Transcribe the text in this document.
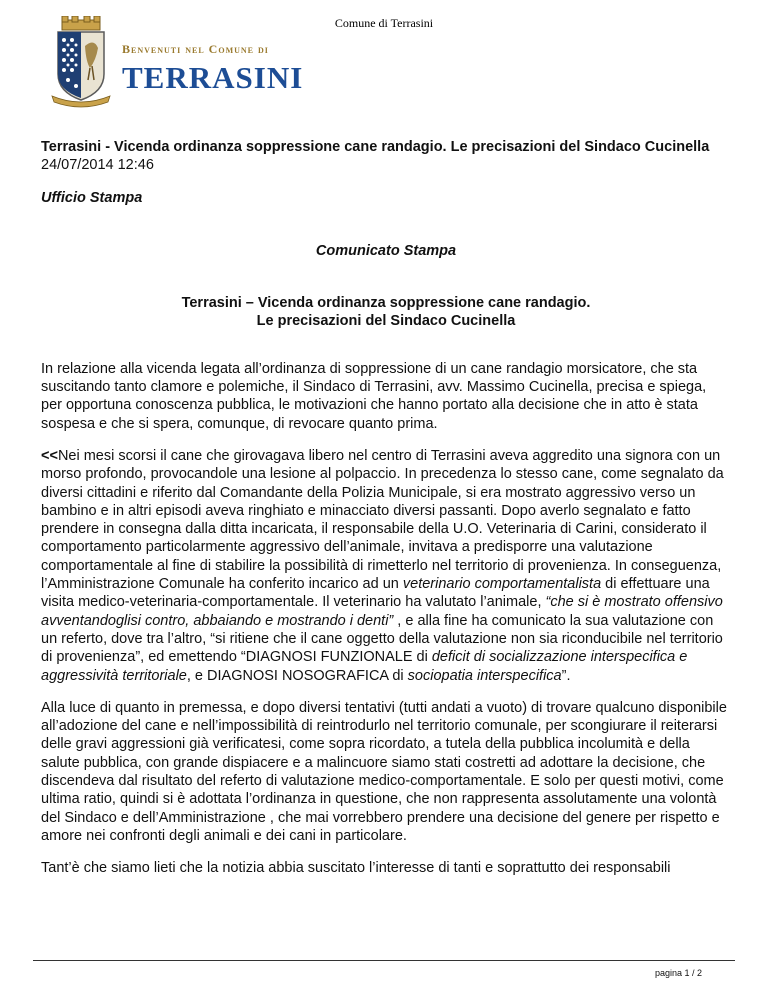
Comune di Terrasini
Benvenuti nel Comune di
TERRASINI

Terrasini - Vicenda ordinanza soppressione cane randagio. Le precisazioni del Sindaco Cucinella

24/07/2014 12:46

Ufficio Stampa

Comunicato Stampa

Terrasini – Vicenda ordinanza soppressione cane randagio.
Le precisazioni del Sindaco Cucinella

In relazione alla vicenda legata all’ordinanza di soppressione di un cane randagio morsicatore, che sta suscitando tanto clamore e polemiche, il Sindaco di Terrasini, avv. Massimo Cucinella, precisa e spiega, per opportuna conoscenza pubblica, le motivazioni che hanno portato alla decisione che in atto è stata sospesa e che si spera, comunque, di revocare quanto prima.

<<Nei mesi scorsi il cane che girovagava libero nel centro di Terrasini aveva aggredito una signora con un morso profondo, provocandole una lesione al polpaccio. In precedenza lo stesso cane, come segnalato da diversi cittadini e riferito dal Comandante della Polizia Municipale, si era mostrato aggressivo verso un bambino e in altri episodi aveva ringhiato e minacciato diversi passanti. Dopo averlo segnalato e fatto prendere in consegna dalla ditta incaricata, il responsabile della U.O. Veterinaria di Carini, considerato il comportamento particolarmente aggressivo dell’animale, invitava a predisporre una valutazione comportamentale al fine di stabilire la possibilità di rimetterlo nel territorio di provenienza. In conseguenza, l’Amministrazione Comunale ha conferito incarico ad un veterinario comportamentalista di effettuare una visita medico-veterinaria-comportamentale. Il veterinario ha valutato l’animale, “che si è mostrato offensivo avventandoglisi contro, abbaiando e mostrando i denti” , e alla fine ha comunicato la sua valutazione con un referto, dove tra l’altro, “si ritiene che il cane oggetto della valutazione non sia riconducibile nel territorio di provenienza”, ed emettendo “DIAGNOSI FUNZIONALE di deficit di socializzazione interspecifica e aggressività territoriale, e DIAGNOSI NOSOGRAFICA di sociopatia interspecifica”.

Alla luce di quanto in premessa, e dopo diversi tentativi (tutti andati a vuoto) di trovare qualcuno disponibile all’adozione del cane e nell’impossibilità di reintrodurlo nel territorio comunale, per scongiurare il reiterarsi delle gravi aggressioni già verificatesi, come sopra ricordato, a tutela della pubblica incolumità e della salute pubblica, con grande dispiacere e a malincuore siamo stati costretti ad adottare la decisione, che discendeva dal risultato del referto di valutazione medico-comportamentale. E solo per questi motivi, come ultima ratio, quindi si è adottata l’ordinanza in questione, che non rappresenta assolutamente una volontà del Sindaco e dell’Amministrazione , che mai vorrebbero prendere una decisione del genere per rispetto e amore nei confronti degli animali e dei cani in particolare.

Tant’è che siamo lieti che la notizia abbia suscitato l’interesse di tanti e soprattutto dei responsabili

pagina 1 / 2
